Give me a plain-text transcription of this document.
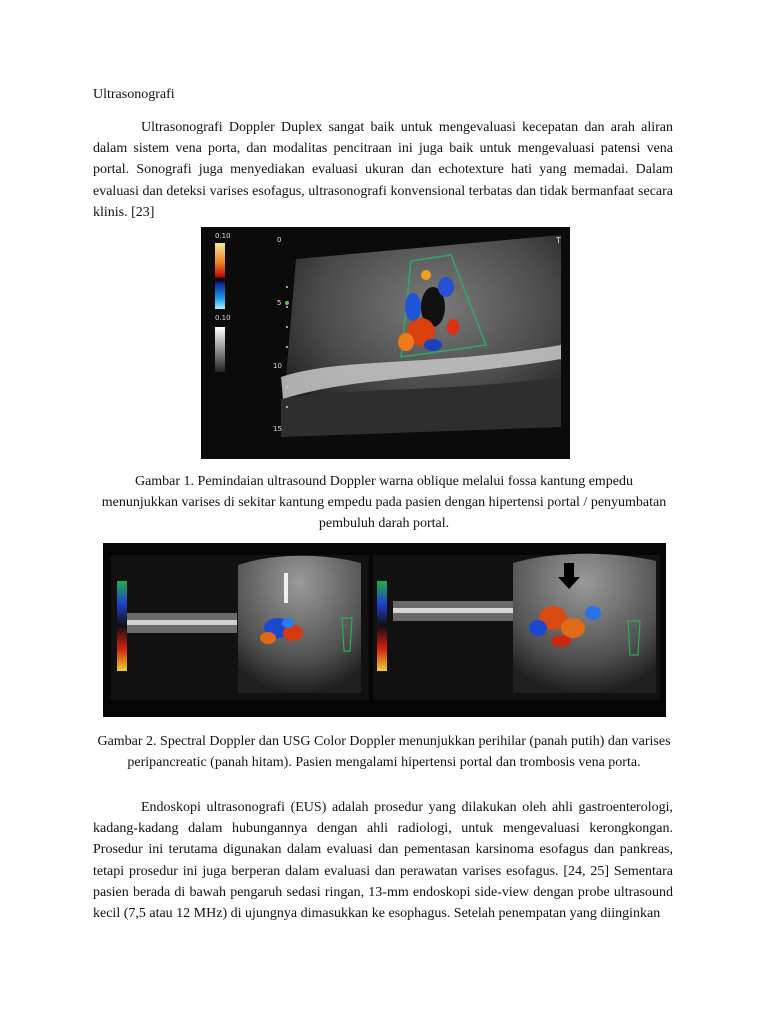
Ultrasonografi

Ultrasonografi Doppler Duplex sangat baik untuk mengevaluasi kecepatan dan arah aliran dalam sistem vena porta, dan modalitas pencitraan ini juga baik untuk mengevaluasi patensi vena portal. Sonografi juga menyediakan evaluasi ukuran dan echotexture hati yang memadai. Dalam evaluasi dan deteksi varises esofagus, ultrasonografi konvensional terbatas dan tidak bermanfaat secara klinis. [23]

T
0.10
0.10
0
5
10
15

Gambar 1. Pemindaian ultrasound Doppler warna oblique melalui fossa kantung empedu menunjukkan varises di sekitar kantung empedu pada pasien dengan hipertensi portal / penyumbatan pembuluh darah portal.

Gambar 2. Spectral Doppler dan USG Color Doppler menunjukkan perihilar (panah putih) dan varises peripancreatic (panah hitam). Pasien mengalami hipertensi portal dan trombosis vena porta.

Endoskopi ultrasonografi (EUS) adalah prosedur yang dilakukan oleh ahli gastroenterologi, kadang-kadang dalam hubungannya dengan ahli radiologi, untuk mengevaluasi kerongkongan. Prosedur ini terutama digunakan dalam evaluasi dan pementasan karsinoma esofagus dan pankreas, tetapi prosedur ini juga berperan dalam evaluasi dan perawatan varises esofagus. [24, 25] Sementara pasien berada di bawah pengaruh sedasi ringan, 13-mm endoskopi side-view dengan probe ultrasound kecil (7,5 atau 12 MHz) di ujungnya dimasukkan ke esophagus. Setelah penempatan yang diinginkan
